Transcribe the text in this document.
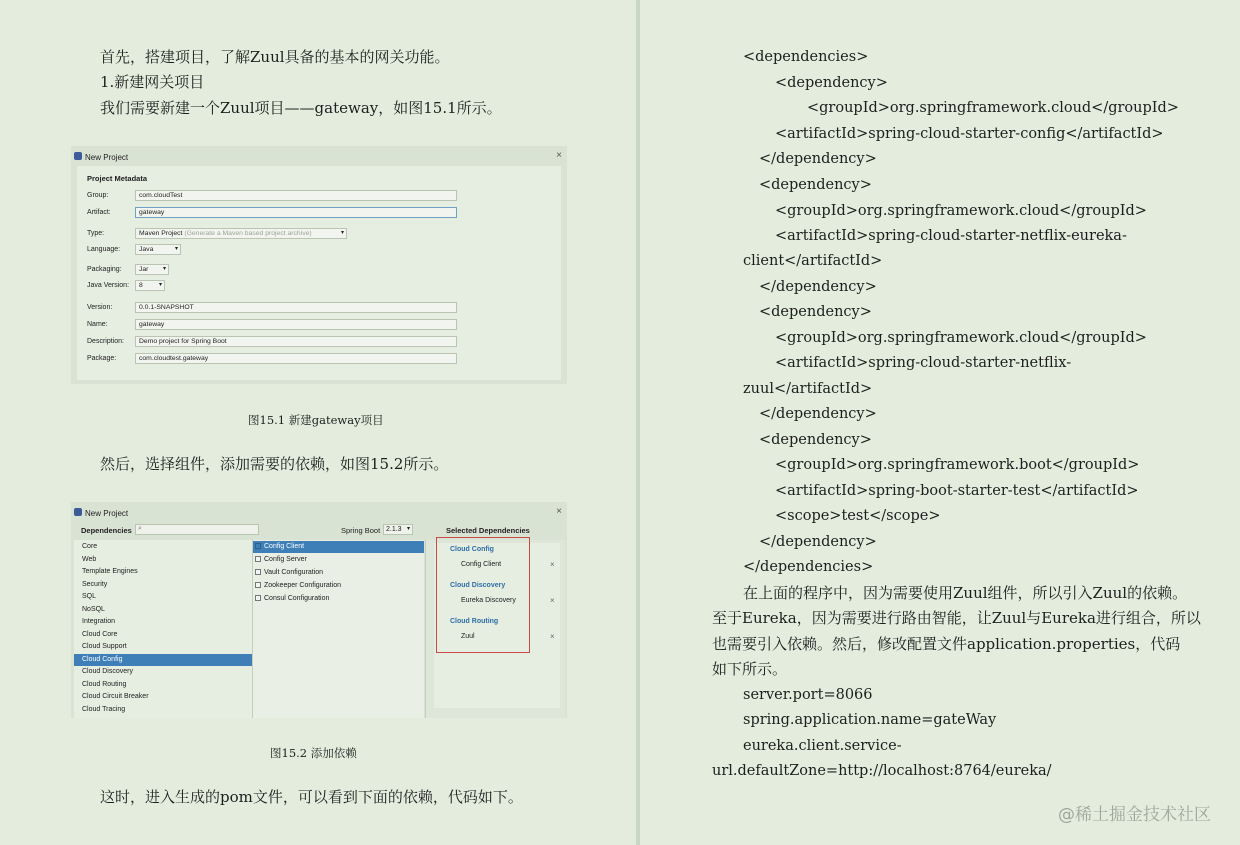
首先，搭建项目，了解Zuul具备的基本的网关功能。
1.新建网关项目
我们需要新建一个Zuul项目——gateway，如图15.1所示。
New Project	×
Project Metadata
Group:	com.cloudTest
Artifact:	gateway
Type:	Maven Project (Generate a Maven based project archive)	▾
Language:	Java	▾
Packaging:	Jar ▾
Java Version:	8	▾
Version:	0.0.1-SNAPSHOT
Name:	gateway
Description:	Demo project for Spring Boot
Package:	com.cloudtest.gateway
图15.1 新建gateway项目
然后，选择组件，添加需要的依赖，如图15.2所示。
New Project	×
Dependencies ⌕	Spring Boot 2.1.3 ▾	Selected Dependencies
Core
Web
Template Engines
Security
SQL
NoSQL
Integration
Cloud Core
Cloud Support
Cloud Config
Cloud Discovery
Cloud Routing
Cloud Circuit Breaker
Cloud Tracing
Config Client
Config Server
Vault Configuration
Zookeeper Configuration
Consul Configuration
Cloud Config
Config Client	×
Cloud Discovery
Eureka Discovery	×
Cloud Routing
Zuul	×
图15.2 添加依赖
这时，进入生成的pom文件，可以看到下面的依赖，代码如下。
<dependencies>
<dependency>
<groupId>org.springframework.cloud</groupId>
<artifactId>spring-cloud-starter-config</artifactId>
</dependency>
<dependency>
<groupId>org.springframework.cloud</groupId>
<artifactId>spring-cloud-starter-netflix-eureka-
client</artifactId>
</dependency>
<dependency>
<groupId>org.springframework.cloud</groupId>
<artifactId>spring-cloud-starter-netflix-
zuul</artifactId>
</dependency>
<dependency>
<groupId>org.springframework.boot</groupId>
<artifactId>spring-boot-starter-test</artifactId>
<scope>test</scope>
</dependency>
</dependencies>
在上面的程序中，因为需要使用Zuul组件，所以引入Zuul的依赖。
至于Eureka，因为需要进行路由智能，让Zuul与Eureka进行组合，所以
也需要引入依赖。然后，修改配置文件application.properties，代码
如下所示。
server.port=8066
spring.application.name=gateWay
eureka.client.service-
url.defaultZone=http://localhost:8764/eureka/
@稀土掘金技术社区
